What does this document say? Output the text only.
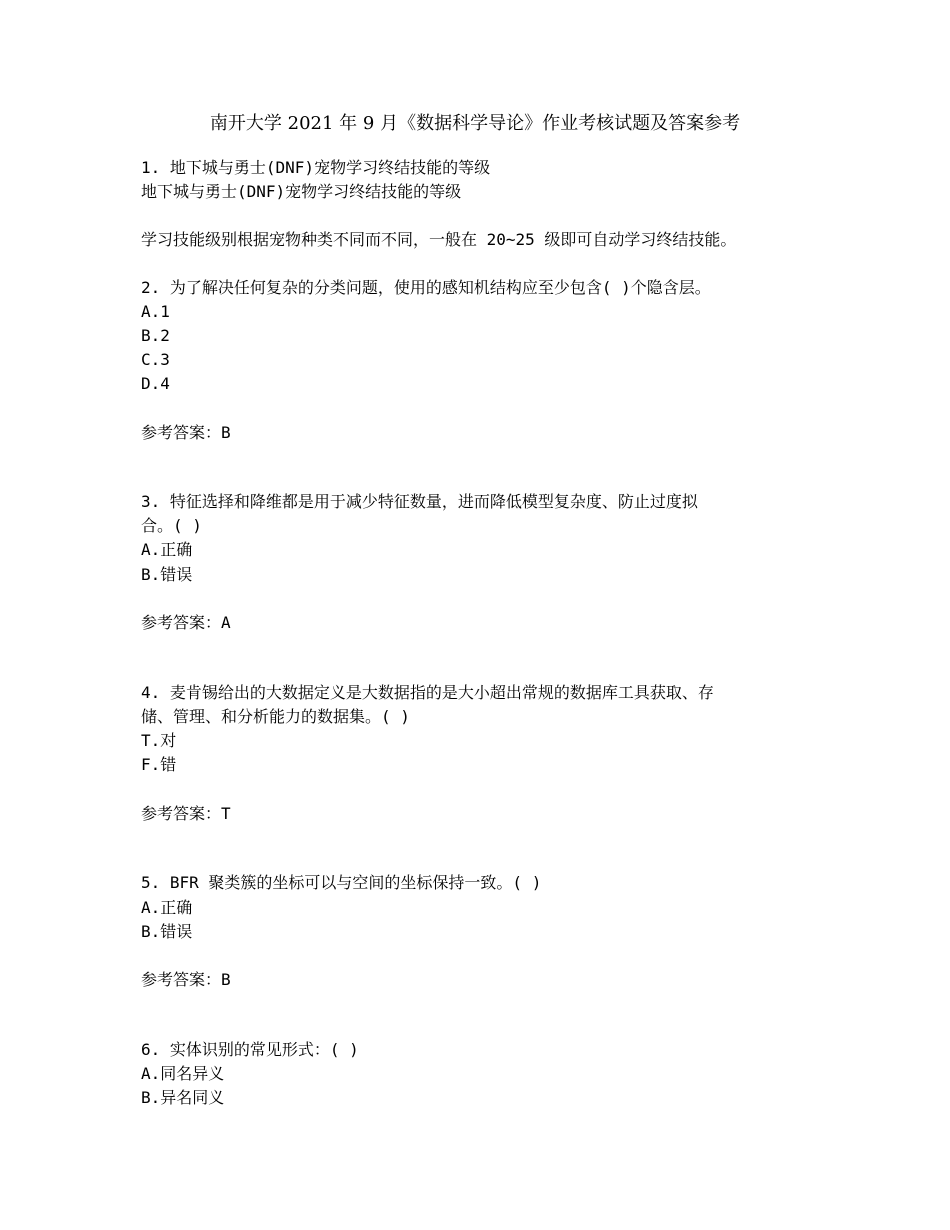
南开大学 2021 年 9 月《数据科学导论》作业考核试题及答案参考
1. 地下城与勇士(DNF)宠物学习终结技能的等级
地下城与勇士(DNF)宠物学习终结技能的等级
学习技能级别根据宠物种类不同而不同，一般在 20~25 级即可自动学习终结技能。
2. 为了解决任何复杂的分类问题，使用的感知机结构应至少包含( )个隐含层。
A.1
B.2
C.3
D.4
参考答案：B
3. 特征选择和降维都是用于减少特征数量，进而降低模型复杂度、防止过度拟
合。( )
A.正确
B.错误
参考答案：A
4. 麦肯锡给出的大数据定义是大数据指的是大小超出常规的数据库工具获取、存
储、管理、和分析能力的数据集。( )
T.对
F.错
参考答案：T
5. BFR 聚类簇的坐标可以与空间的坐标保持一致。( )
A.正确
B.错误
参考答案：B
6. 实体识别的常见形式：( )
A.同名异义
B.异名同义
